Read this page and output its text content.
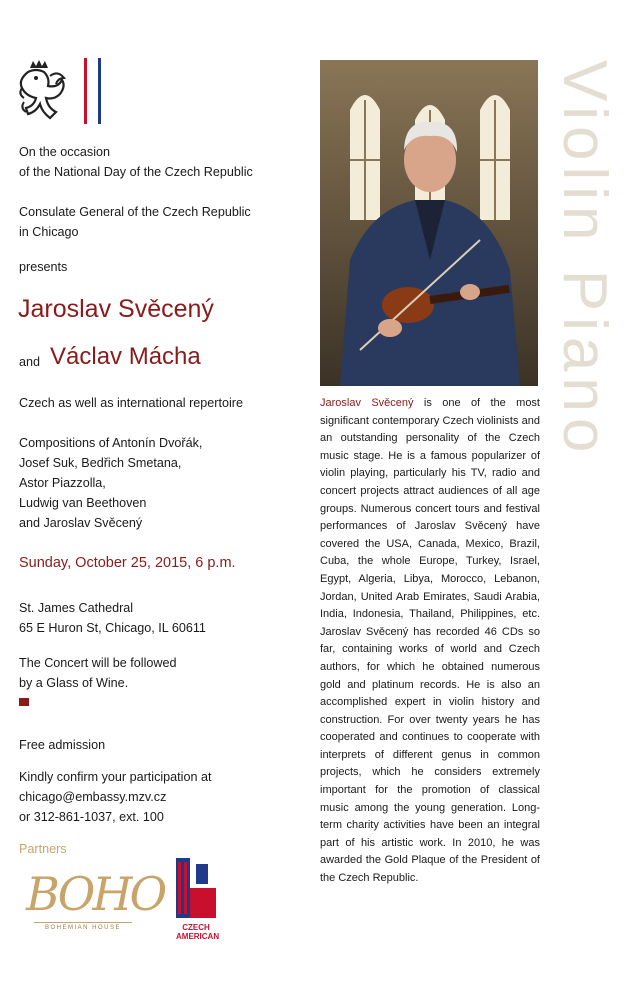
On the occasion
of the National Day of the Czech Republic
Consulate General of the Czech Republic
in Chicago
presents
Jaroslav Svěcený
and Václav Mácha
Czech as well as international repertoire
Compositions of Antonín Dvořák,
Josef Suk, Bedřich Smetana,
Astor Piazzolla,
Ludwig van Beethoven
and Jaroslav Svěcený
Sunday, October 25, 2015, 6 p.m.
St. James Cathedral
65 E Huron St, Chicago, IL 60611
The Concert will be followed
by a Glass of Wine.
Free admission
Kindly confirm your participation at
chicago@embassy.mzv.cz
or 312-861-1037, ext. 100
Partners
BOHO
BOHEMIAN HOUSE	CZECH AMERICAN
Jaroslav Svěcený is one of the most significant contemporary Czech violinists and an outstanding personality of the Czech music stage. He is a famous popularizer of violin playing, particularly his TV, radio and concert projects attract audiences of all age groups. Numerous concert tours and festival performances of Jaroslav Svěcený have covered the USA, Canada, Mexico, Brazil, Cuba, the whole Europe, Turkey, Israel, Egypt, Algeria, Libya, Morocco, Lebanon, Jordan, United Arab Emirates, Saudi Arabia, India, Indonesia, Thailand, Philippines, etc. Jaroslav Svěcený has recorded 46 CDs so far, containing works of world and Czech authors, for which he obtained numerous gold and platinum records. He is also an accomplished expert in violin history and construction. For over twenty years he has cooperated and continues to cooperate with interprets of different genus in common projects, which he considers extremely important for the promotion of classical music among the young generation. Long-term charity activities have been an integral part of his artistic work. In 2010, he was awarded the Gold Plaque of the President of the Czech Republic.
Violin Piano
